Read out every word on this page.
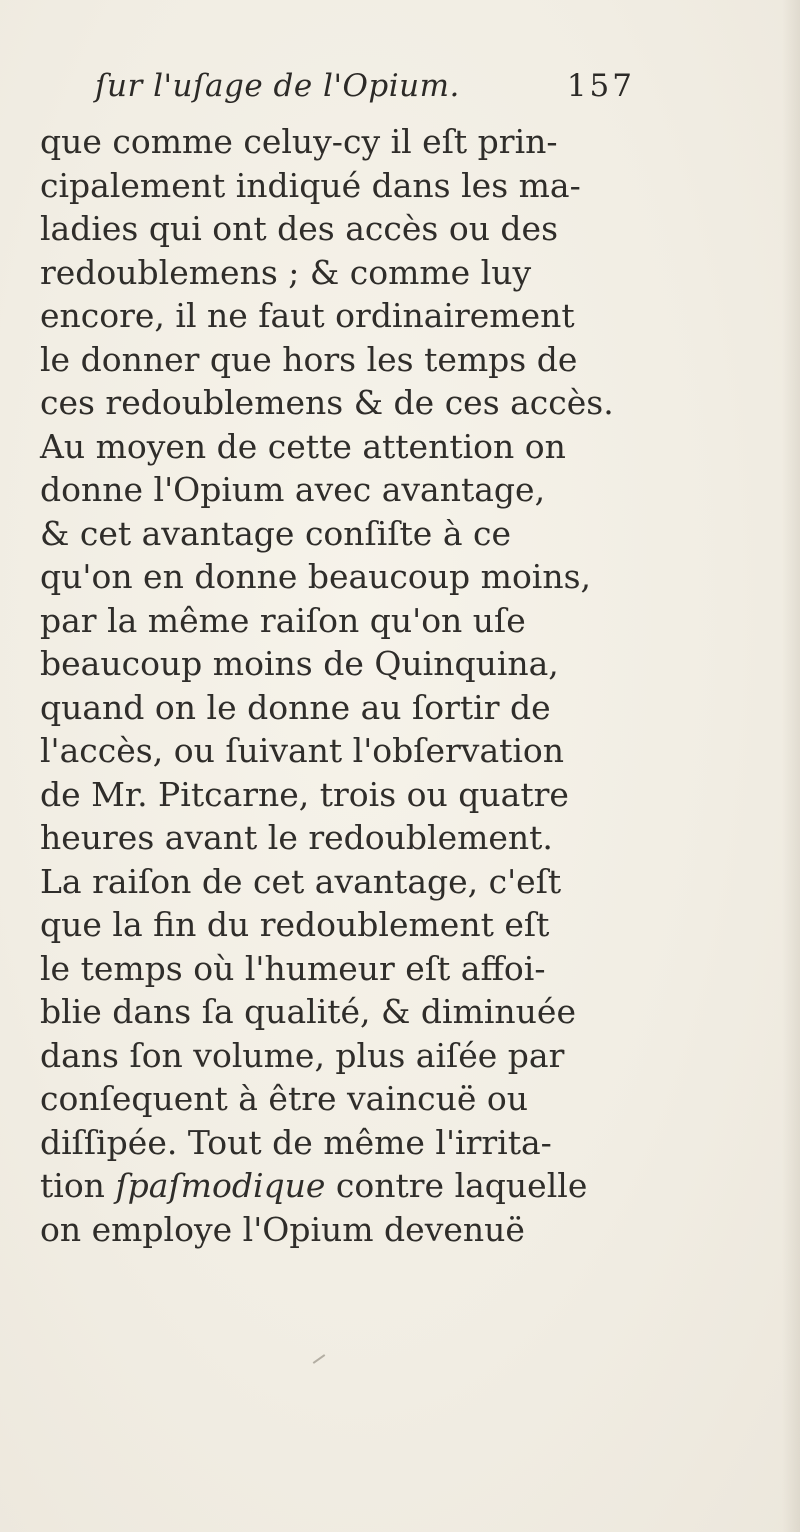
ſur l'uſage de l'Opium.	157
que comme celuy-cy il eſt prin-
cipalement indiqué dans les ma-
ladies qui ont des accès ou des
redoublemens ; & comme luy
encore, il ne faut ordinairement
le donner que hors les temps de
ces redoublemens & de ces accès.
Au moyen de cette attention on
donne l'Opium avec avantage,
& cet avantage conſiſte à ce
qu'on en donne beaucoup moins,
par la même raiſon qu'on uſe
beaucoup moins de Quinquina,
quand on le donne au ſortir de
l'accès, ou ſuivant l'obſervation
de Mr. Pitcarne, trois ou quatre
heures avant le redoublement.
La raiſon de cet avantage, c'eſt
que la fin du redoublement eſt
le temps où l'humeur eſt affoi-
blie dans ſa qualité, & diminuée
dans ſon volume, plus aiſée par
conſequent à être vaincuë ou
diſſipée. Tout de même l'irrita-
tion ſpaſmodique contre laquelle
on employe l'Opium devenuë
